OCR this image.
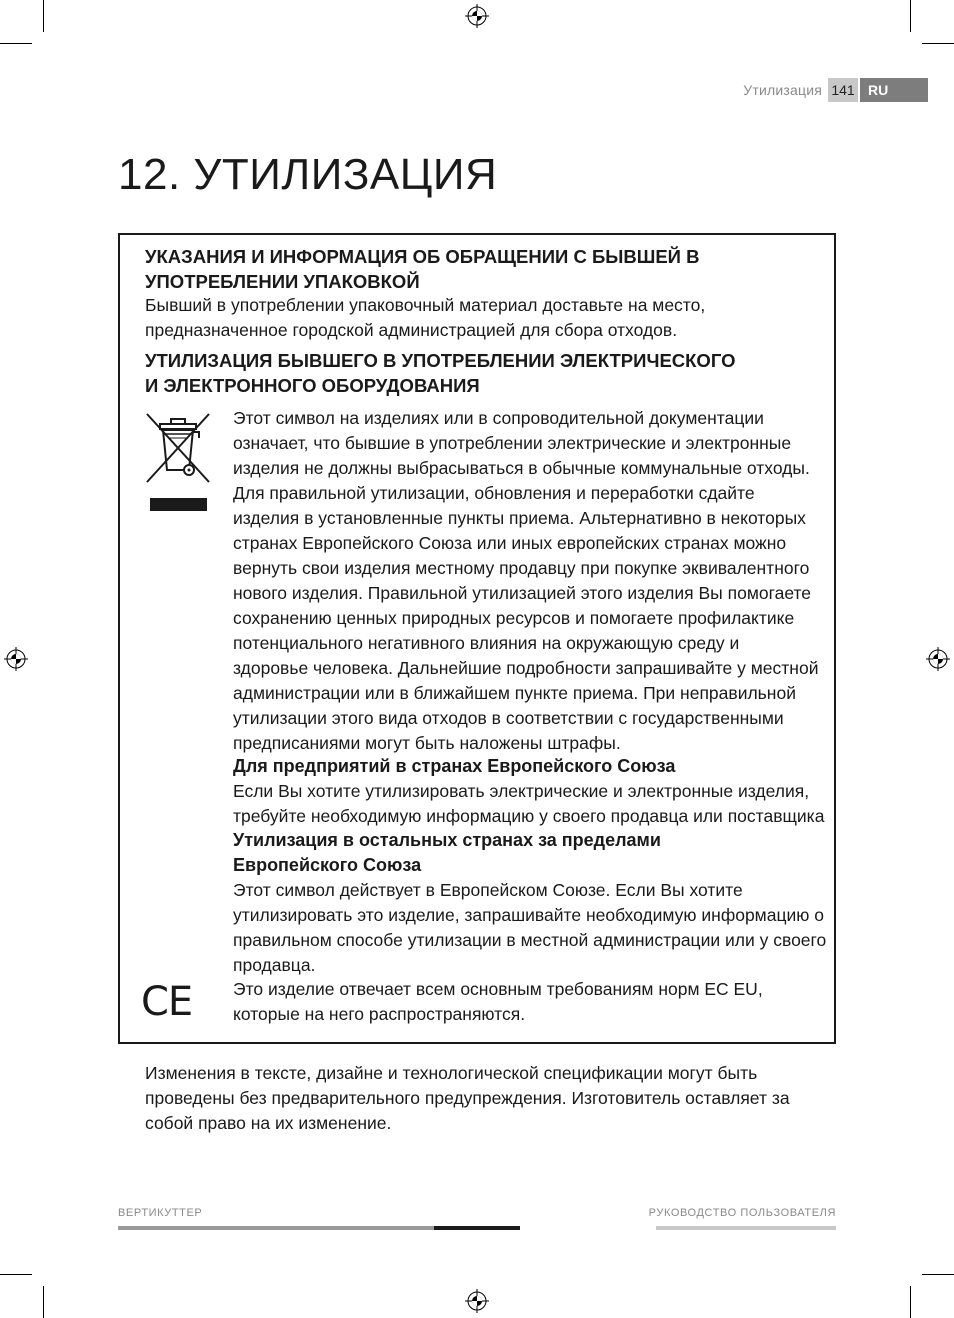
Утилизация 141 RU
12. УТИЛИЗАЦИЯ
УКАЗАНИЯ И ИНФОРМАЦИЯ ОБ ОБРАЩЕНИИ С БЫВШЕЙ В
УПОТРЕБЛЕНИИ УПАКОВКОЙ
Бывший в употреблении упаковочный материал доставьте на место,
предназначенное городской администрацией для сбора отходов.
УТИЛИЗАЦИЯ БЫВШЕГО В УПОТРЕБЛЕНИИ ЭЛЕКТРИЧЕСКОГО
И ЭЛЕКТРОННОГО ОБОРУДОВАНИЯ
Этот символ на изделиях или в сопроводительной документации
означает, что бывшие в употреблении электрические и электронные
изделия не должны выбрасываться в обычные коммунальные отходы.
Для правильной утилизации, обновления и переработки сдайте
изделия в установленные пункты приема. Альтернативно в некоторых
странах Европейского Союза или иных европейских странах можно
вернуть свои изделия местному продавцу при покупке эквивалентного
нового изделия. Правильной утилизацией этого изделия Вы помогаете
сохранению ценных природных ресурсов и помогаете профилактике
потенциального негативного влияния на окружающую среду и
здоровье человека. Дальнейшие подробности запрашивайте у местной
администрации или в ближайшем пункте приема. При неправильной
утилизации этого вида отходов в соответствии с государственными
предписаниями могут быть наложены штрафы.
Для предприятий в странах Европейского Союза
Если Вы хотите утилизировать электрические и электронные изделия,
требуйте необходимую информацию у своего продавца или поставщика
Утилизация в остальных странах за пределами
Европейского Союза
Этот символ действует в Европейском Союзе. Если Вы хотите
утилизировать это изделие, запрашивайте необходимую информацию о
правильном способе утилизации в местной администрации или у своего
продавца.
CE Это изделие отвечает всем основным требованиям норм ЕС EU,
которые на него распространяются.
Изменения в тексте, дизайне и технологической спецификации могут быть
проведены без предварительного предупреждения. Изготовитель оставляет за
собой право на их изменение.
ВЕРТИКУТТЕР	РУКОВОДСТВО ПОЛЬЗОВАТЕЛЯ
